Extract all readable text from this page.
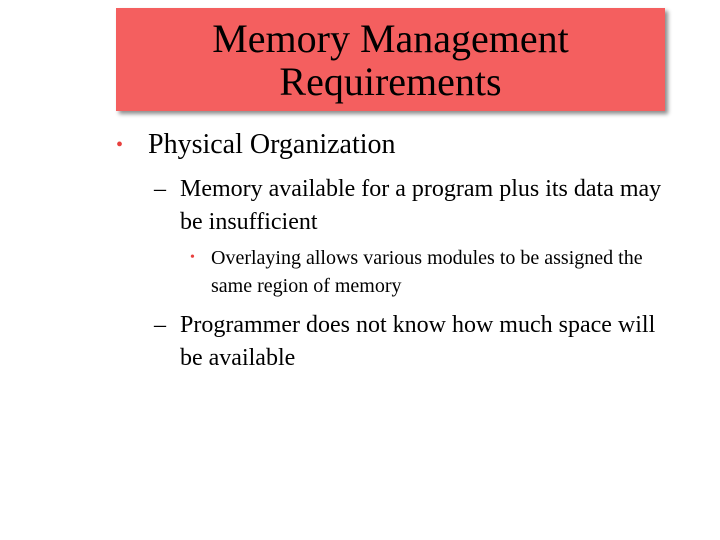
Memory Management
Requirements
• Physical Organization
– Memory available for a program plus its data may be insufficient
• Overlaying allows various modules to be assigned the same region of memory
– Programmer does not know how much space will be available
